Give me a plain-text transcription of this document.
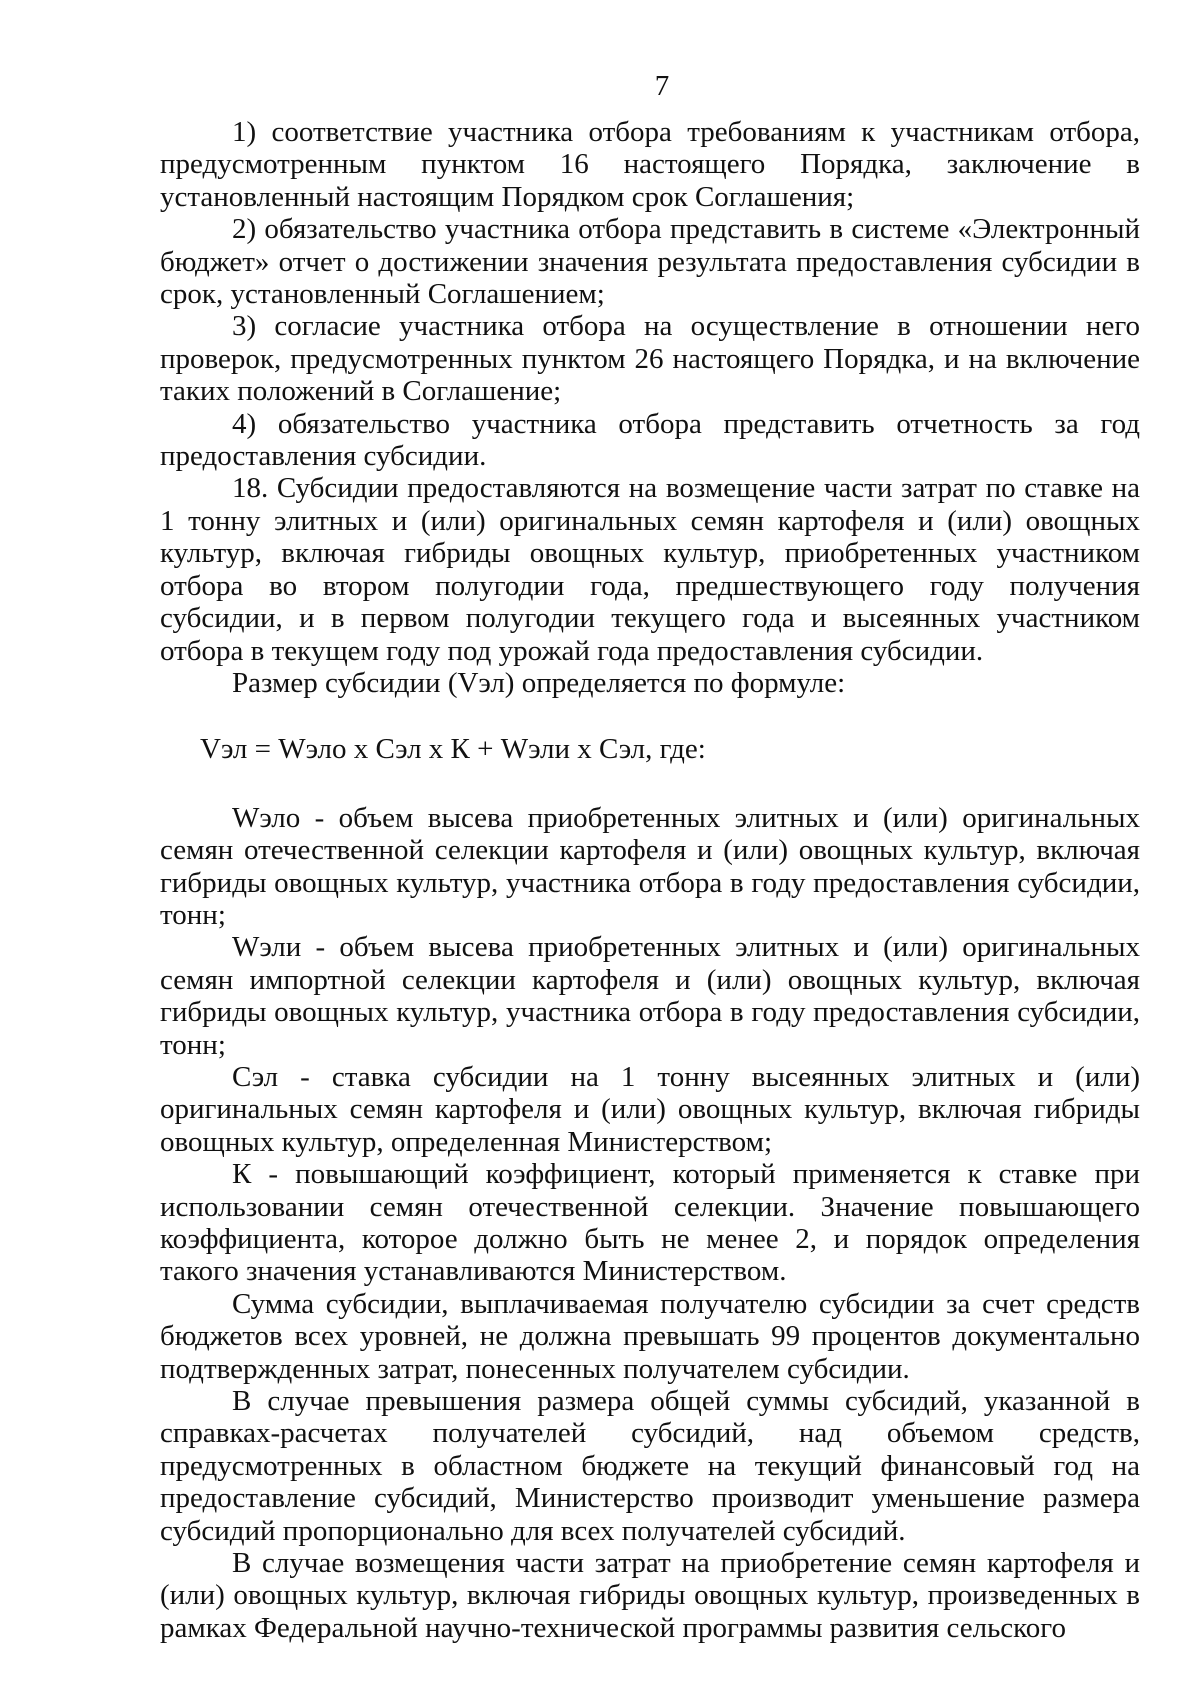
7

1) соответствие участника отбора требованиям к участникам отбора, предусмотренным пунктом 16 настоящего Порядка, заключение в установленный настоящим Порядком срок Соглашения;

2) обязательство участника отбора представить в системе «Электронный бюджет» отчет о достижении значения результата предоставления субсидии в срок, установленный Соглашением;

3) согласие участника отбора на осуществление в отношении него проверок, предусмотренных пунктом 26 настоящего Порядка, и на включение таких положений в Соглашение;

4) обязательство участника отбора представить отчетность за год предоставления субсидии.

18. Субсидии предоставляются на возмещение части затрат по ставке на 1 тонну элитных и (или) оригинальных семян картофеля и (или) овощных культур, включая гибриды овощных культур, приобретенных участником отбора во втором полугодии года, предшествующего году получения субсидии, и в первом полугодии текущего года и высеянных участником отбора в текущем году под урожай года предоставления субсидии.

Размер субсидии (Vэл) определяется по формуле:

Vэл = Wэло x Сэл x К + Wэли x Сэл, где:

Wэло - объем высева приобретенных элитных и (или) оригинальных семян отечественной селекции картофеля и (или) овощных культур, включая гибриды овощных культур, участника отбора в году предоставления субсидии, тонн;

Wэли - объем высева приобретенных элитных и (или) оригинальных семян импортной селекции картофеля и (или) овощных культур, включая гибриды овощных культур, участника отбора в году предоставления субсидии, тонн;

Сэл - ставка субсидии на 1 тонну высеянных элитных и (или) оригинальных семян картофеля и (или) овощных культур, включая гибриды овощных культур, определенная Министерством;

К - повышающий коэффициент, который применяется к ставке при использовании семян отечественной селекции. Значение повышающего коэффициента, которое должно быть не менее 2, и порядок определения такого значения устанавливаются Министерством.

Сумма субсидии, выплачиваемая получателю субсидии за счет средств бюджетов всех уровней, не должна превышать 99 процентов документально подтвержденных затрат, понесенных получателем субсидии.

В случае превышения размера общей суммы субсидий, указанной в справках-расчетах получателей субсидий, над объемом средств, предусмотренных в областном бюджете на текущий финансовый год на предоставление субсидий, Министерство производит уменьшение размера субсидий пропорционально для всех получателей субсидий.

В случае возмещения части затрат на приобретение семян картофеля и (или) овощных культур, включая гибриды овощных культур, произведенных в рамках Федеральной научно-технической программы развития сельского
